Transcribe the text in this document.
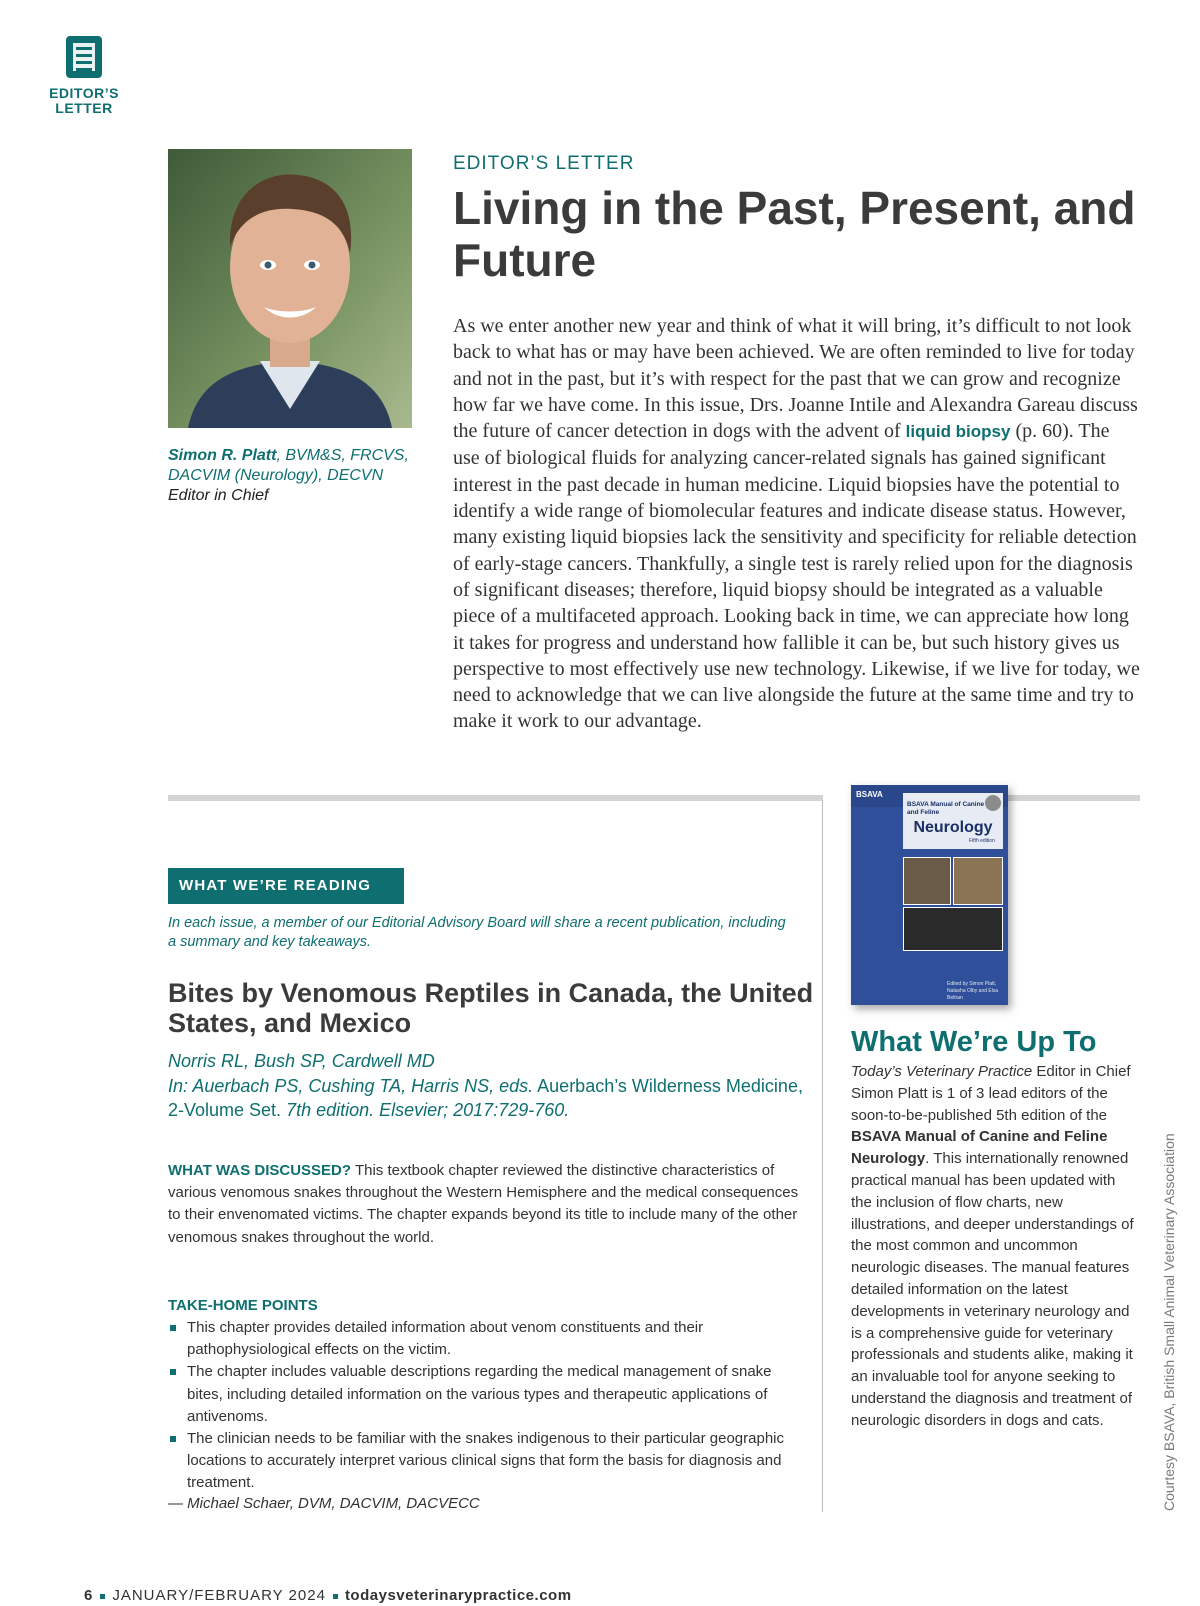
EDITOR’S LETTER
Simon R. Platt, BVM&S, FRCVS, DACVIM (Neurology), DECVN
Editor in Chief
EDITOR’S LETTER
Living in the Past, Present, and Future

As we enter another new year and think of what it will bring, it’s difficult to not look back to what has or may have been achieved. We are often reminded to live for today and not in the past, but it’s with respect for the past that we can grow and recognize how far we have come. In this issue, Drs. Joanne Intile and Alexandra Gareau discuss the future of cancer detection in dogs with the advent of liquid biopsy (p. 60). The use of biological fluids for analyzing cancer-related signals has gained significant interest in the past decade in human medicine. Liquid biopsies have the potential to identify a wide range of biomolecular features and indicate disease status. However, many existing liquid biopsies lack the sensitivity and specificity for reliable detection of early-stage cancers. Thankfully, a single test is rarely relied upon for the diagnosis of significant diseases; therefore, liquid biopsy should be integrated as a valuable piece of a multifaceted approach. Looking back in time, we can appreciate how long it takes for progress and understand how fallible it can be, but such history gives us perspective to most effectively use new technology. Likewise, if we live for today, we need to acknowledge that we can live alongside the future at the same time and try to make it work to our advantage.

WHAT WE’RE READING

In each issue, a member of our Editorial Advisory Board will share a recent publication, including a summary and key takeaways.

Bites by Venomous Reptiles in Canada, the United States, and Mexico
Norris RL, Bush SP, Cardwell MD
In: Auerbach PS, Cushing TA, Harris NS, eds. Auerbach’s Wilderness Medicine, 2-Volume Set. 7th edition. Elsevier; 2017:729-760.

WHAT WAS DISCUSSED? This textbook chapter reviewed the distinctive characteristics of various venomous snakes throughout the Western Hemisphere and the medical consequences to their envenomated victims. The chapter expands beyond its title to include many of the other venomous snakes throughout the world.

TAKE-HOME POINTS
This chapter provides detailed information about venom constituents and their pathophysiological effects on the victim.
The chapter includes valuable descriptions regarding the medical management of snake bites, including detailed information on the various types and therapeutic applications of antivenoms.
The clinician needs to be familiar with the snakes indigenous to their particular geographic locations to accurately interpret various clinical signs that form the basis for diagnosis and treatment.
— Michael Schaer, DVM, DACVIM, DACVECC
BSAVA
BSAVA Manual of Canine and Feline
Neurology
Fifth edition
Edited by Simon Platt, Natasha Olby and Elsa Beltran
What We’re Up To

Today’s Veterinary Practice Editor in Chief Simon Platt is 1 of 3 lead editors of the soon-to-be-published 5th edition of the BSAVA Manual of Canine and Feline Neurology. This internationally renowned practical manual has been updated with the inclusion of flow charts, new illustrations, and deeper understandings of the most common and uncommon neurologic diseases. The manual features detailed information on the latest developments in veterinary neurology and is a comprehensive guide for veterinary professionals and students alike, making it an invaluable tool for anyone seeking to understand the diagnosis and treatment of neurologic disorders in dogs and cats.	Courtesy BSAVA, British Small Animal Veterinary Association
6 JANUARY/FEBRUARY 2024 todaysveterinarypractice.com
